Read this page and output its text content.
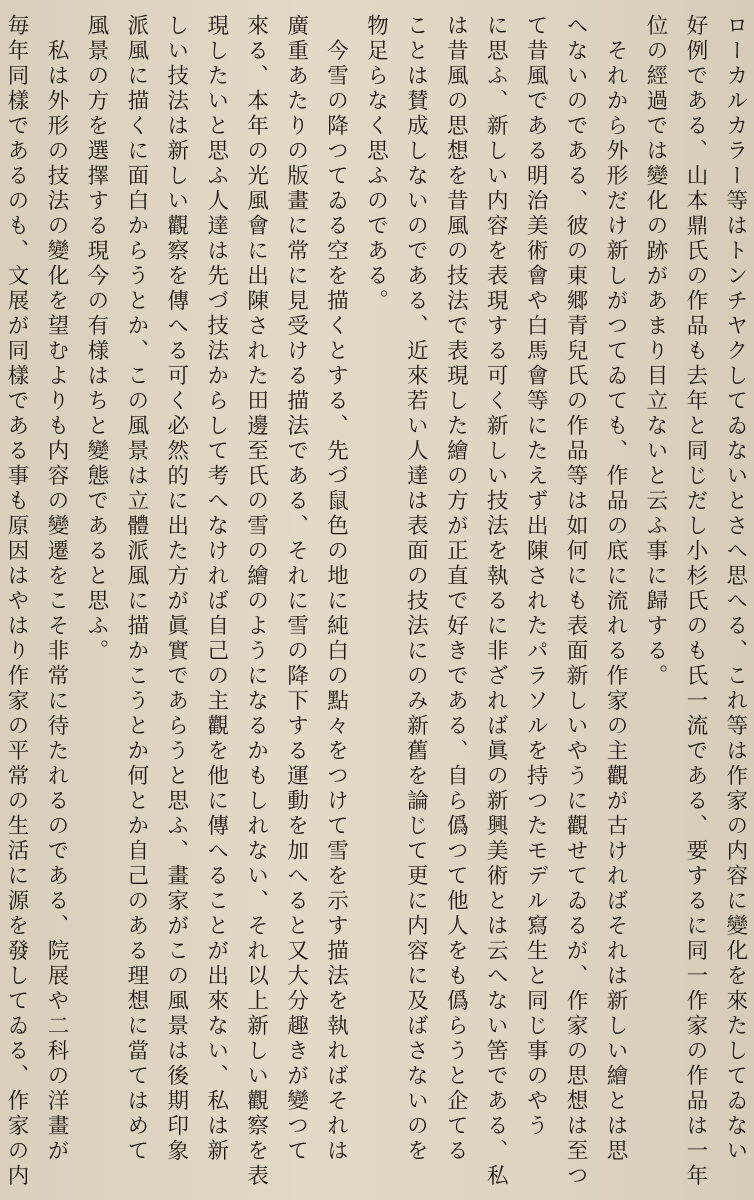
ローカルカラー等はトンチヤクしてゐないとさへ思へる、これ等は作家の内容に變化を來たしてゐない
好例である、山本鼎氏の作品も去年と同じだし小杉氏のも氏一流である、要するに同一作家の作品は一年
位の經過では變化の跡があまり目立ないと云ふ事に歸する。
　それから外形だけ新しがつてゐても、作品の底に流れる作家の主觀が古ければそれは新しい繪とは思
へないのである、彼の東郷青兒氏の作品等は如何にも表面新しいやうに觀せてゐるが、作家の思想は至つ
て昔風である明治美術會や白馬會等にたえず出陳されたパラソルを持つたモデル寫生と同じ事のやう
に思ふ、新しい内容を表現する可く新しい技法を執るに非ざれば眞の新興美術とは云へない筈である、私
は昔風の思想を昔風の技法で表現した繪の方が正直で好きである、自ら僞つて他人をも僞らうと企てる
ことは賛成しないのである、近來若い人達は表面の技法にのみ新舊を論じて更に内容に及ばさないのを
物足らなく思ふのである。
　今雪の降つてゐる空を描くとする、先づ鼠色の地に純白の點々をつけて雪を示す描法を執ればそれは
廣重あたりの版畫に常に見受ける描法である、それに雪の降下する運動を加へると又大分趣きが變つて
來る、本年の光風會に出陳された田邊至氏の雪の繪のようになるかもしれない、それ以上新しい觀察を表
現したいと思ふ人達は先づ技法からして考へなければ自己の主觀を他に傳へることが出來ない、私は新
しい技法は新しい觀察を傳へる可く必然的に出た方が眞實であらうと思ふ、畫家がこの風景は後期印象
派風に描くに面白からうとか、この風景は立體派風に描かこうとか何とか自己のある理想に當てはめて
風景の方を選擇する現今の有様はちと變態であると思ふ。
　私は外形の技法の變化を望むよりも内容の變遷をこそ非常に待たれるのである、院展や二科の洋畫が
毎年同樣であるのも、文展が同樣である事も原因はやはり作家の平常の生活に源を發してゐる、作家の内
